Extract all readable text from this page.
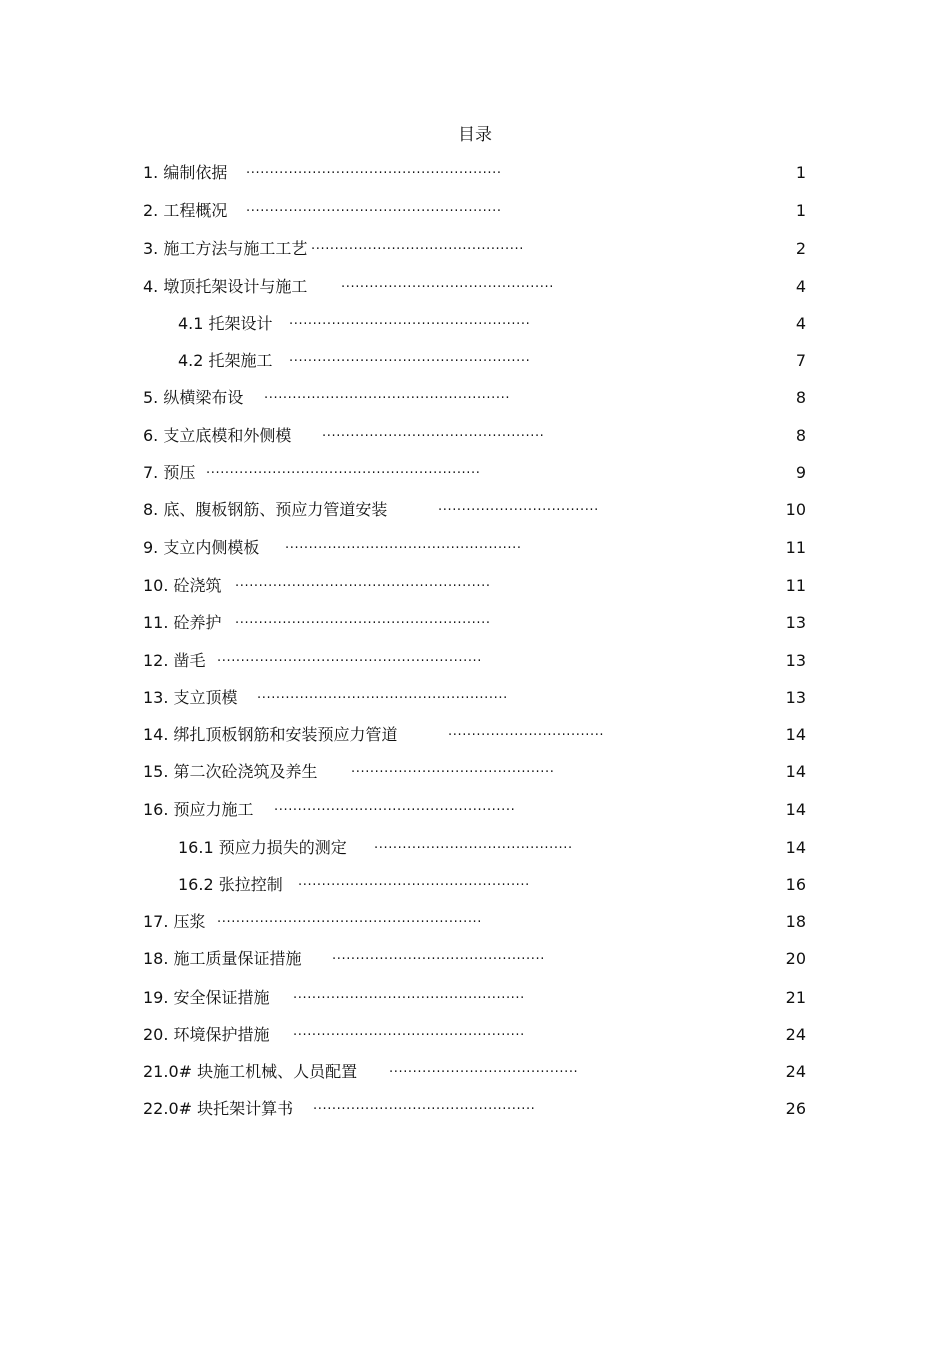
目录
1. 编制依据 ......................................................	1
2. 工程概况 ......................................................	1
3. 施工方法与施工工艺 .............................................	2
4. 墩顶托架设计与施工	.............................................	4
4.1 托架设计 ...................................................	4
4.2 托架施工 ...................................................	7
5. 纵横梁布设 ....................................................	8
6. 支立底模和外侧模 ...............................................	8
7. 预压 ..........................................................	9
8. 底、腹板钢筋、预应力管道安装	..................................	10
9. 支立内侧模板 ..................................................	11
10. 砼浇筑 ......................................................	11
11. 砼养护 ......................................................	13
12. 凿毛 ........................................................	13
13. 支立顶模 .....................................................	13
14. 绑扎顶板钢筋和安装预应力管道	.................................	14
15. 第二次砼浇筑及养生	...........................................	14
16. 预应力施工 ...................................................	14
16.1 预应力损失的测定 ..........................................	14
16.2 张拉控制 .................................................	16
17. 压浆 ........................................................	18
18. 施工质量保证措施 .............................................	20
19. 安全保证措施 .................................................	21
20. 环境保护措施 .................................................	24
21.0# 块施工机械、人员配置 ........................................	24
22.0# 块托架计算书 ...............................................	26
